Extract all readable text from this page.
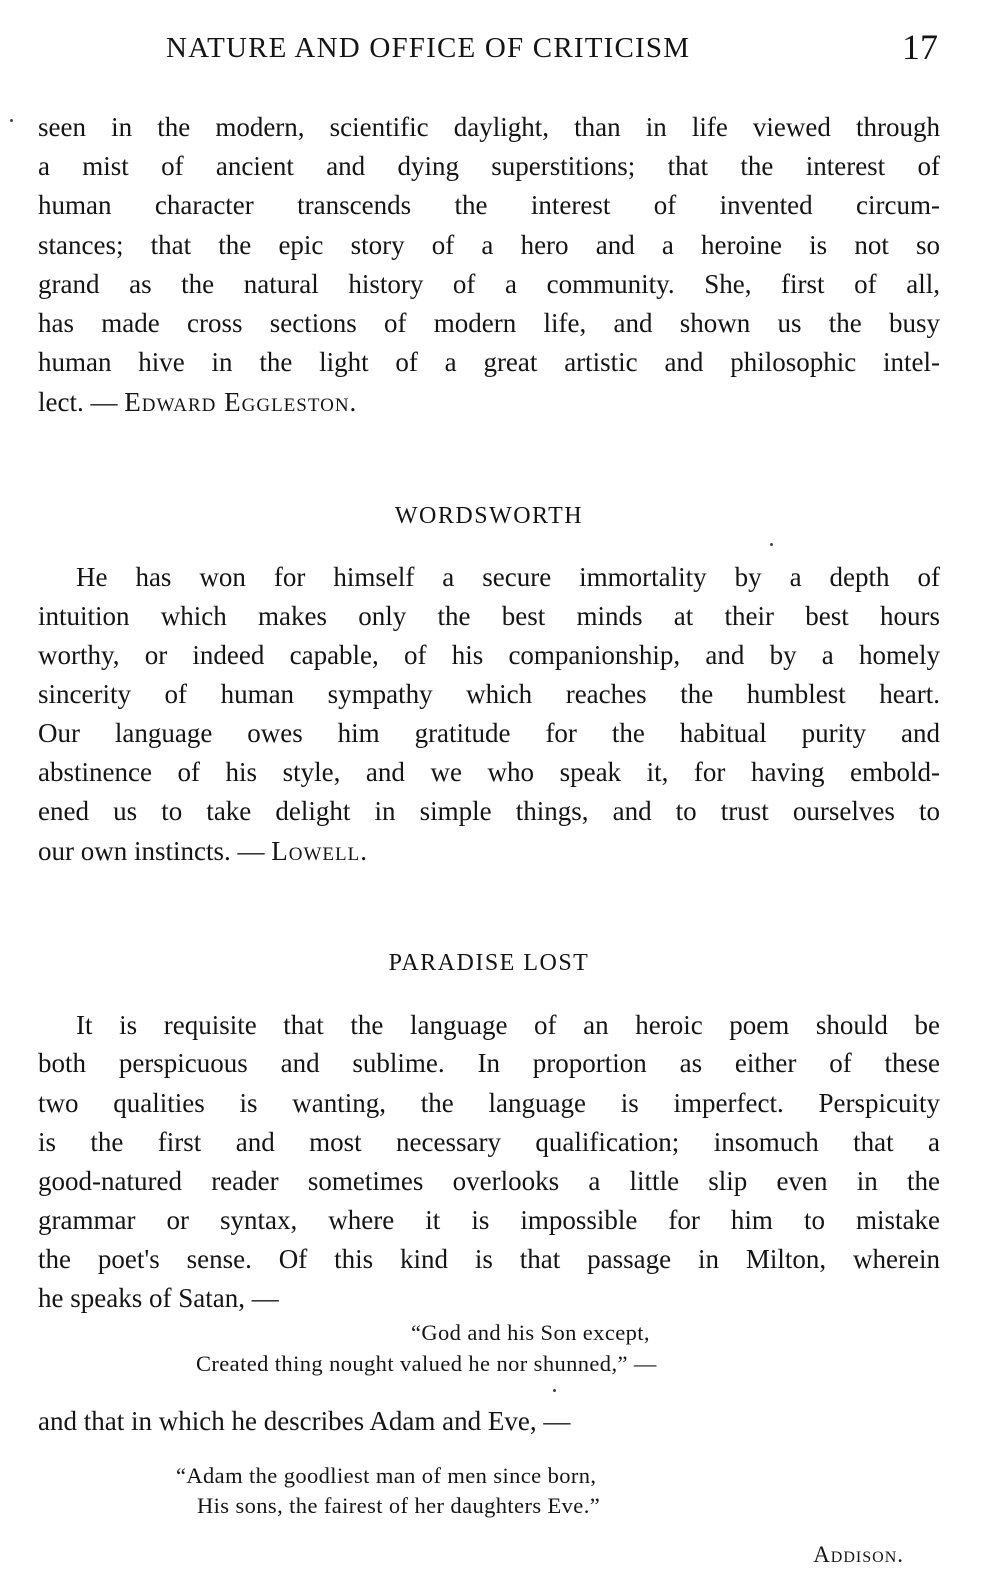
NATURE AND OFFICE OF CRITICISM	17
seen in the modern, scientific daylight, than in life viewed through
a mist of ancient and dying superstitions; that the interest of
human character transcends the interest of invented circum-
stances; that the epic story of a hero and a heroine is not so
grand as the natural history of a community. She, first of all,
has made cross sections of modern life, and shown us the busy
human hive in the light of a great artistic and philosophic intel-
lect. — Edward Eggleston.
WORDSWORTH
He has won for himself a secure immortality by a depth of
intuition which makes only the best minds at their best hours
worthy, or indeed capable, of his companionship, and by a homely
sincerity of human sympathy which reaches the humblest heart.
Our language owes him gratitude for the habitual purity and
abstinence of his style, and we who speak it, for having embold-
ened us to take delight in simple things, and to trust ourselves to
our own instincts. — Lowell.
PARADISE LOST
It is requisite that the language of an heroic poem should be
both perspicuous and sublime. In proportion as either of these
two qualities is wanting, the language is imperfect. Perspicuity
is the first and most necessary qualification; insomuch that a
good-natured reader sometimes overlooks a little slip even in the
grammar or syntax, where it is impossible for him to mistake
the poet's sense. Of this kind is that passage in Milton, wherein
he speaks of Satan, —
“God and his Son except,
Created thing nought valued he nor shunned,” —
and that in which he describes Adam and Eve, —
“Adam the goodliest man of men since born,
His sons, the fairest of her daughters Eve.”
Addison.
